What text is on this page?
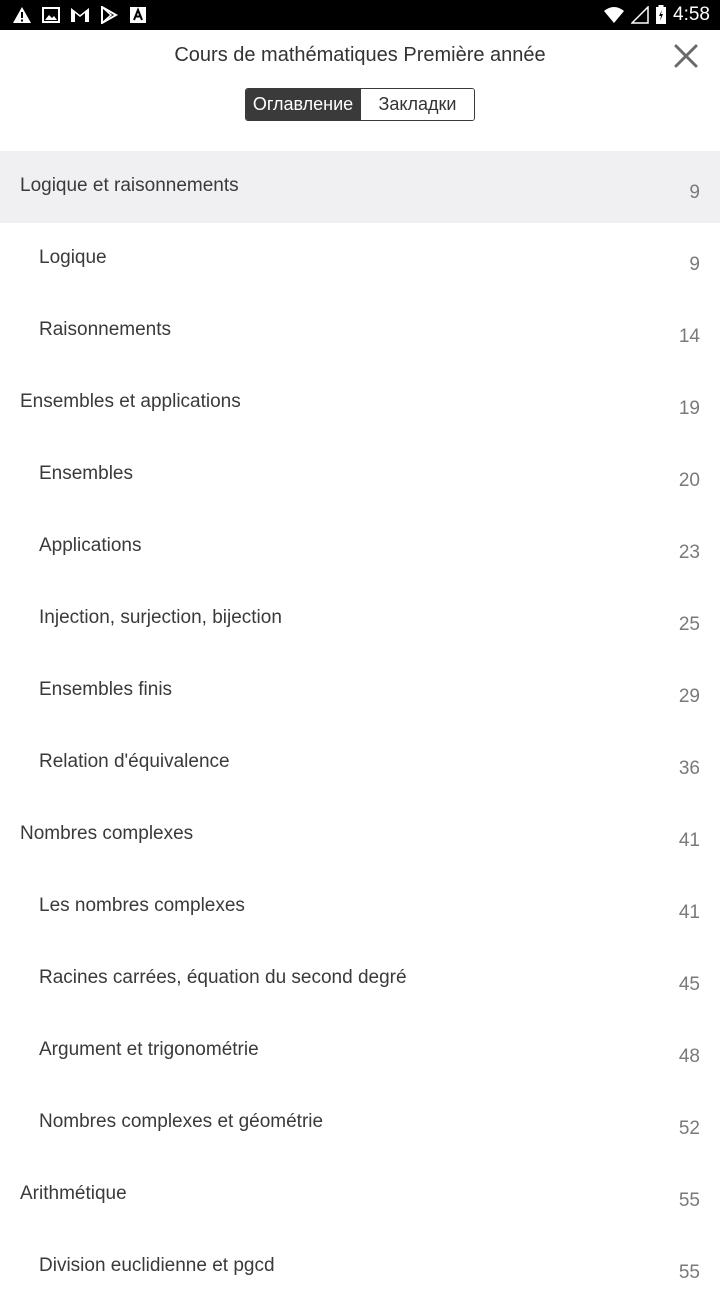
4:58
Cours de mathématiques Première année
Оглавление	Закладки
Logique et raisonnements	9
Logique	9
Raisonnements	14
Ensembles et applications	19
Ensembles	20
Applications	23
Injection, surjection, bijection	25
Ensembles finis	29
Relation d'équivalence	36
Nombres complexes	41
Les nombres complexes	41
Racines carrées, équation du second degré	45
Argument et trigonométrie	48
Nombres complexes et géométrie	52
Arithmétique	55
Division euclidienne et pgcd	55
